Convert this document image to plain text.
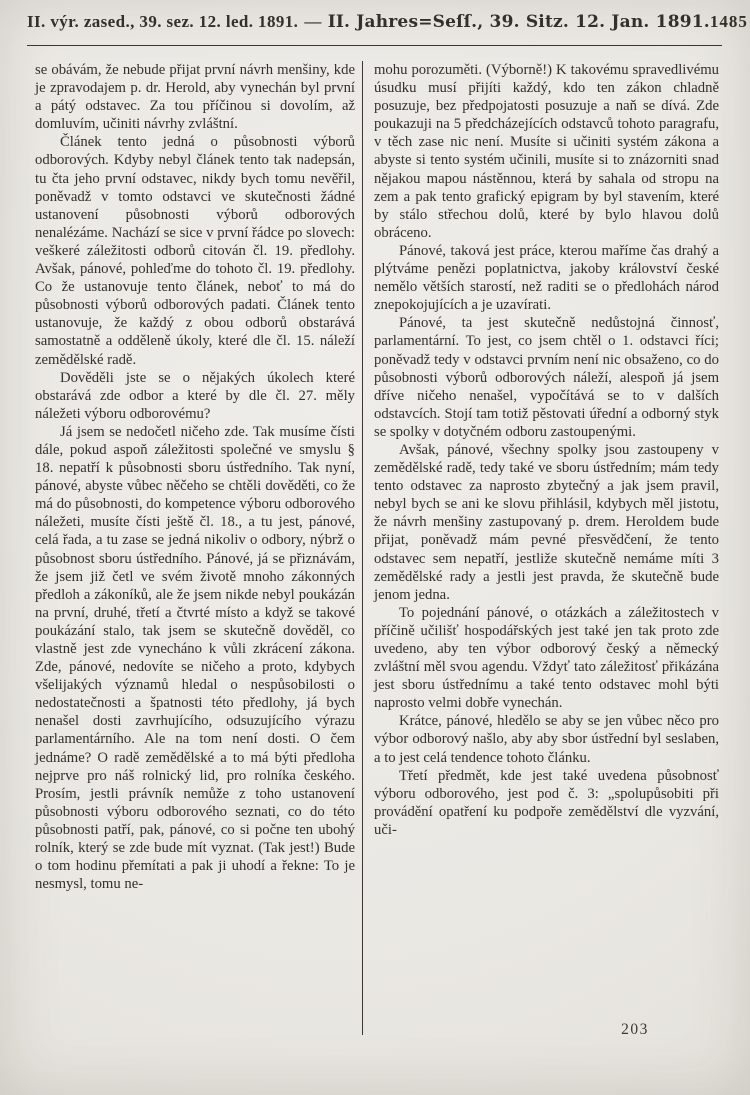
II. výr. zased., 39. sez. 12. led. 1891. — II. Jahres=Seſſ., 39. Sitz. 12. Jan. 1891. 1485

se obávám, že nebude přijat první návrh menšiny, kde je zpravodajem p. dr. Herold, aby vynechán byl první a pátý odstavec. Za tou příčinou si dovolím, až domluvím, učiniti návrhy zvláštní.

Článek tento jedná o působnosti výborů odborových. Kdyby nebyl článek tento tak nadepsán, tu čta jeho první odstavec, nikdy bych tomu nevěřil, poněvadž v tomto odstavci ve skutečnosti žádné ustanovení působnosti výborů odborových nenalézáme. Nachází se sice v první řádce po slovech: veškeré záležitosti odborů citován čl. 19. předlohy. Avšak, pánové, pohleďme do tohoto čl. 19. předlohy. Co že ustanovuje tento článek, neboť to má do působnosti výborů odborových padati. Článek tento ustanovuje, že každý z obou odborů obstarává samostatně a odděleně úkoly, které dle čl. 15. náleží zemědělské radě.

Dověděli jste se o nějakých úkolech které obstarává zde odbor a které by dle čl. 27. měly náležeti výboru odborovému?

Já jsem se nedočetl ničeho zde. Tak musíme čísti dále, pokud aspoň záležitosti společné ve smyslu § 18. nepatří k působnosti sboru ústředního. Tak nyní, pánové, abyste vůbec něčeho se chtěli dověděti, co že má do působnosti, do kompetence výboru odborového náležeti, musíte čísti ještě čl. 18., a tu jest, pánové, celá řada, a tu zase se jedná nikoliv o odbory, nýbrž o působnost sboru ústředního. Pánové, já se přiznávám, že jsem již četl ve svém životě mnoho zákonných předloh a zákoníků, ale že jsem nikde nebyl poukázán na první, druhé, třetí a čtvrté místo a když se takové poukázání stalo, tak jsem se skutečně dověděl, co vlastně jest zde vynecháno k vůli zkrácení zákona. Zde, pánové, nedovíte se ničeho a proto, kdybych všelijakých významů hledal o nespůsobilosti o nedostatečnosti a špatnosti této předlohy, já bych nenašel dosti zavrhujícího, odsuzujícího výrazu parlamentárního. Ale na tom není dosti. O čem jednáme? O radě zemědělské a to má býti předloha nejprve pro náš rolnický lid, pro rolníka českého. Prosím, jestli právník nemůže z toho ustanovení působnosti výboru odborového seznati, co do této působnosti patří, pak, pánové, co si počne ten ubohý rolník, který se zde bude mít vyznat. (Tak jest!) Bude o tom hodinu přemítati a pak ji uhodí a řekne: To je nesmysl, tomu ne-

mohu porozuměti. (Výborně!) K takovému spravedlivému úsudku musí přijíti každý, kdo ten zákon chladně posuzuje, bez předpojatosti posuzuje a naň se dívá. Zde poukazuji na 5 předcházejících odstavců tohoto paragrafu, v těch zase nic není. Musíte si učiniti systém zákona a abyste si tento systém učinili, musíte si to znázorniti snad nějakou mapou nástěnnou, která by sahala od stropu na zem a pak tento grafický epigram by byl stavením, které by stálo střechou dolů, které by bylo hlavou dolů obráceno.

Pánové, taková jest práce, kterou maříme čas drahý a plýtváme penězi poplatnictva, jakoby království české nemělo větších starostí, než raditi se o předlohách národ znepokojujících a je uzavírati.

Pánové, ta jest skutečně nedůstojná činnosť, parlamentární. To jest, co jsem chtěl o 1. odstavci říci; poněvadž tedy v odstavci prvním není nic obsaženo, co do působnosti výborů odborových náleží, alespoň já jsem dříve ničeho nenašel, vypočítává se to v dalších odstavcích. Stojí tam totiž pěstovati úřední a odborný styk se spolky v dotyčném odboru zastoupenými.

Avšak, pánové, všechny spolky jsou zastoupeny v zemědělské radě, tedy také ve sboru ústředním; mám tedy tento odstavec za naprosto zbytečný a jak jsem pravil, nebyl bych se ani ke slovu přihlásil, kdybych měl jistotu, že návrh menšiny zastupovaný p. drem. Heroldem bude přijat, poněvadž mám pevné přesvědčení, že tento odstavec sem nepatří, jestliže skutečně nemáme míti 3 zemědělské rady a jestli jest pravda, že skutečně bude jenom jedna.

To pojednání pánové, o otázkách a záležitostech v příčině učilišť hospodářských jest také jen tak proto zde uvedeno, aby ten výbor odborový český a německý zvláštní měl svou agendu. Vždyť tato záležitosť přikázána jest sboru ústřednímu a také tento odstavec mohl býti naprosto velmi dobře vynechán.

Krátce, pánové, hledělo se aby se jen vůbec něco pro výbor odborový našlo, aby aby sbor ústřední byl seslaben, a to jest celá tendence tohoto článku.

Třetí předmět, kde jest také uvedena působnosť výboru odborového, jest pod č. 3: „spolupůsobiti při provádění opatření ku podpoře zemědělství dle vyzvání, uči-

203
